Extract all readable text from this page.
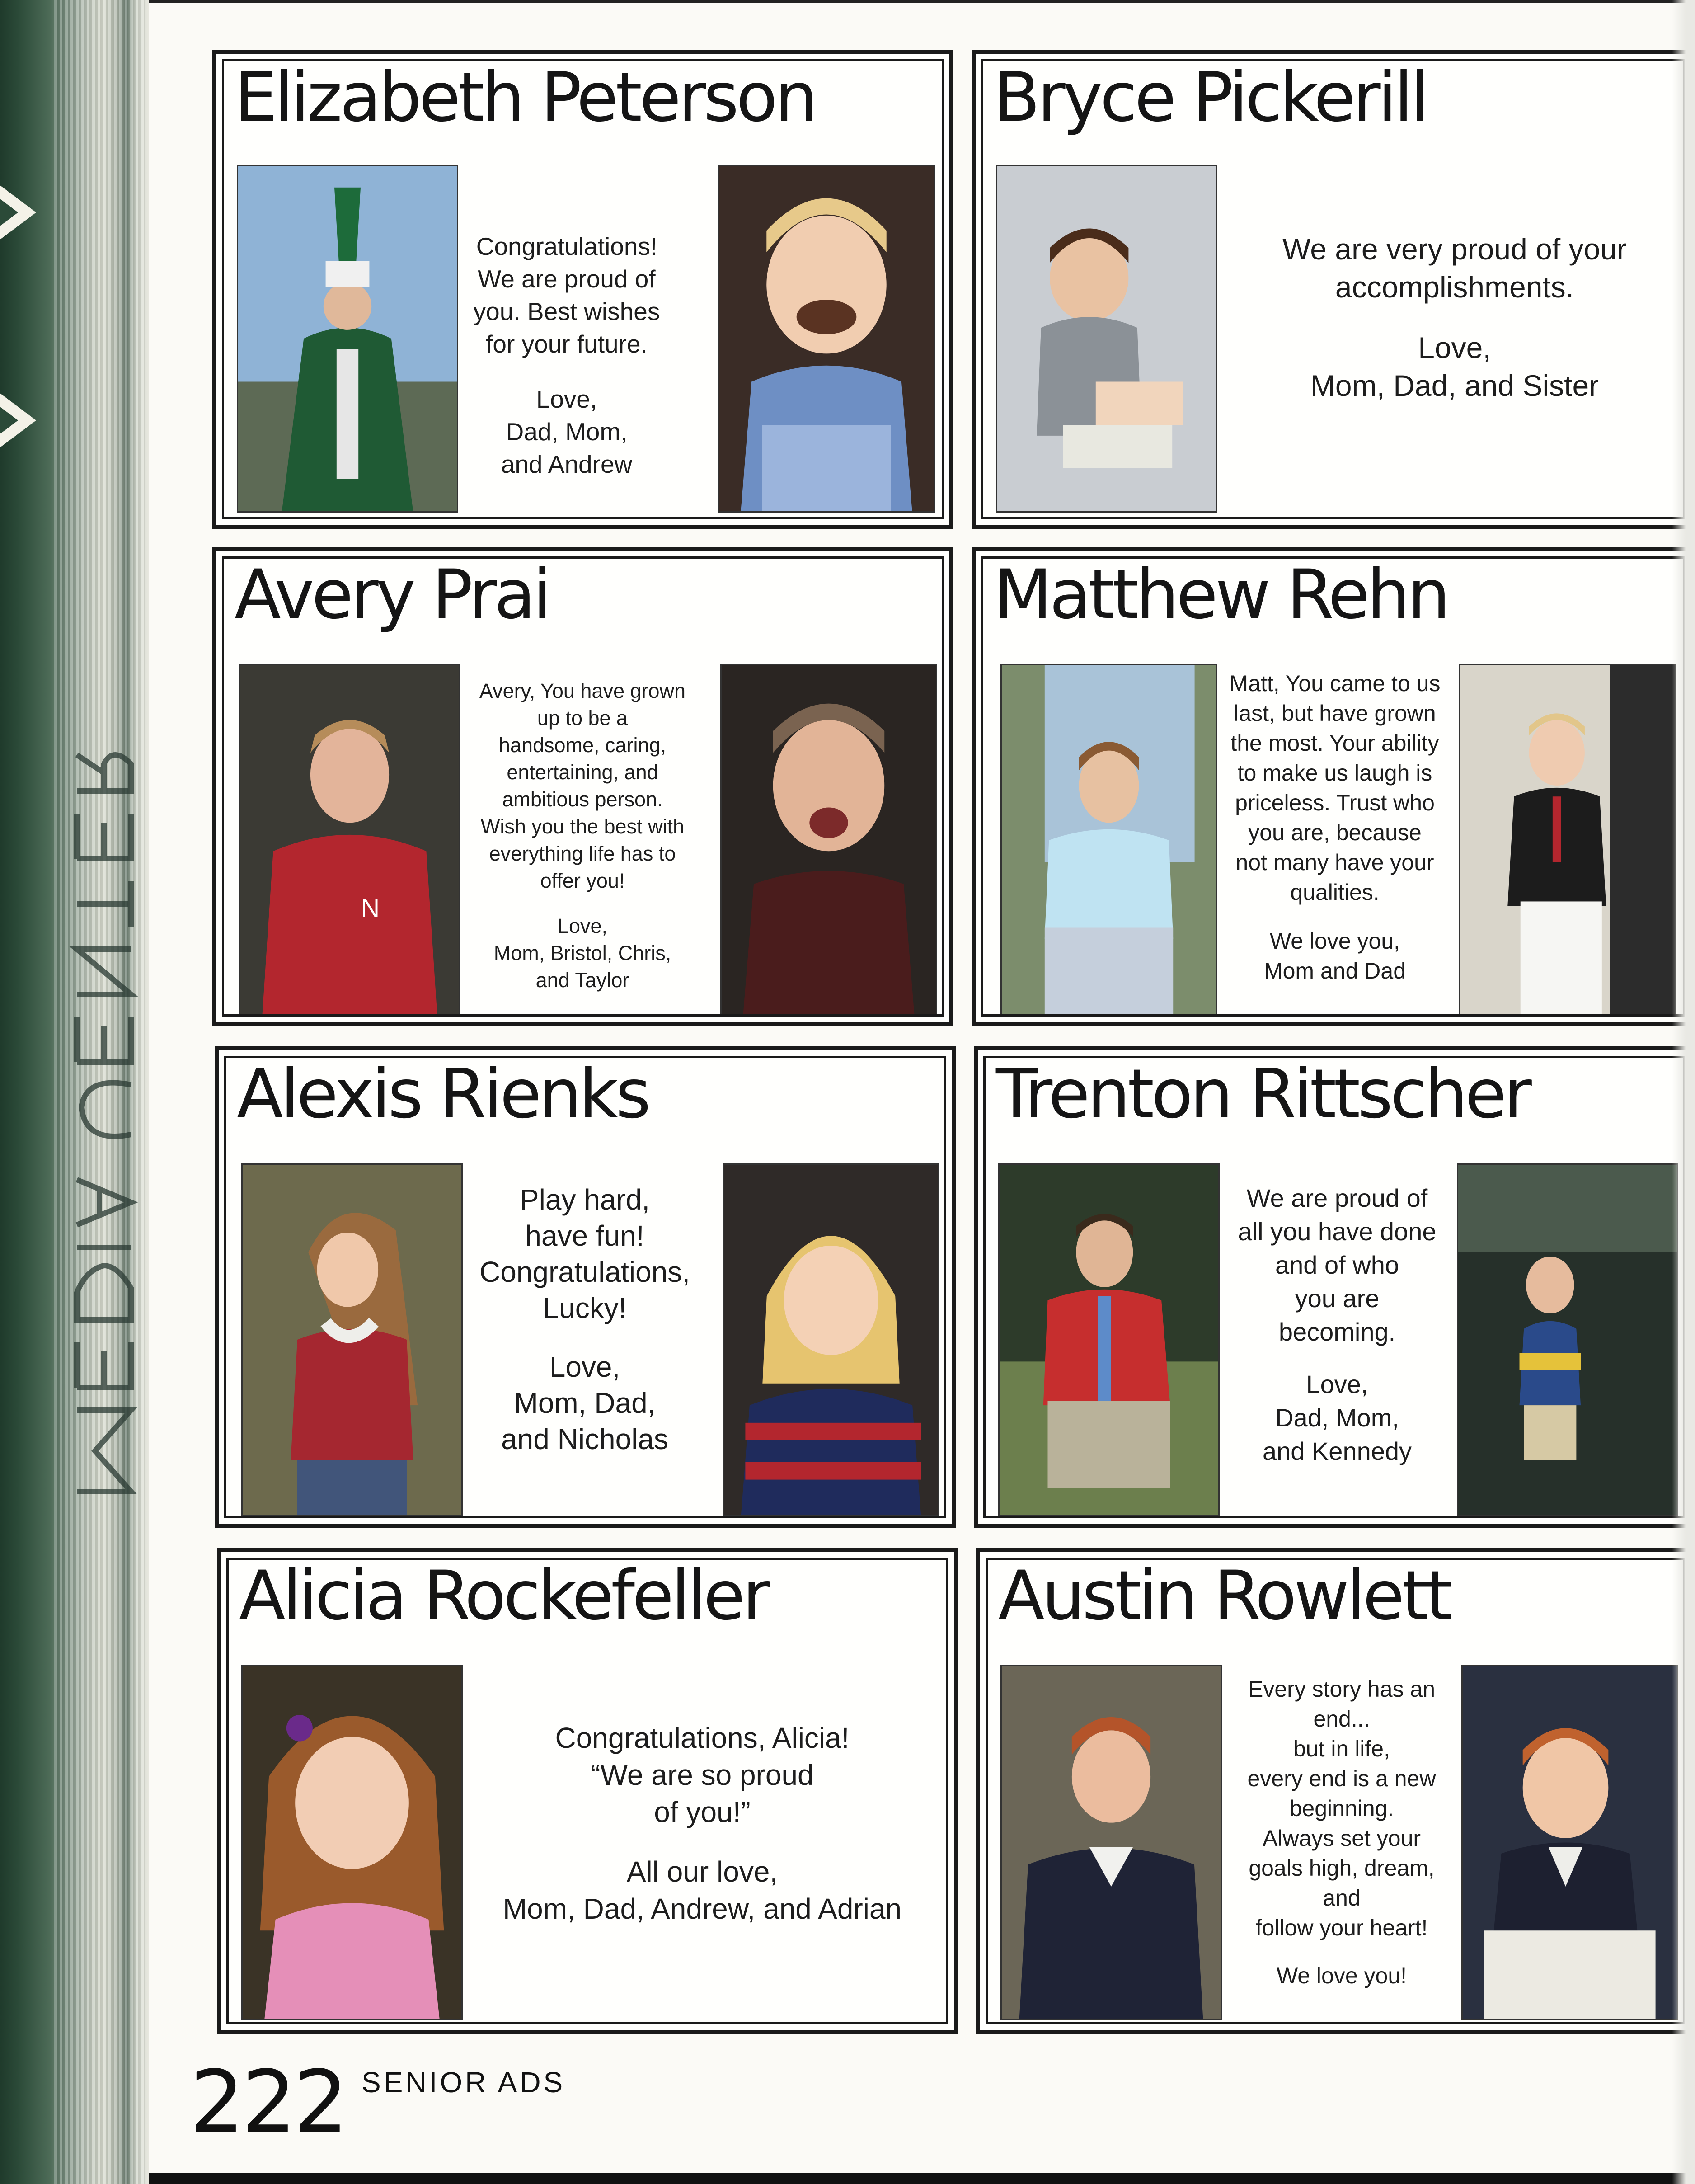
Elizabeth Peterson

Congratulations!
We are proud of
you. Best wishes
for your future.

Love,
Dad, Mom,
and Andrew

Bryce Pickerill

We are very proud of your
accomplishments.

Love,
Mom, Dad, and Sister

Avery Prai
N

Avery, You have grown
up to be a
handsome, caring,
entertaining, and
ambitious person.
Wish you the best with
everything life has to
offer you!

Love,
Mom, Bristol, Chris,
and Taylor

Matthew Rehn

Matt, You came to us
last, but have grown
the most. Your ability
to make us laugh is
priceless. Trust who
you are, because
not many have your
qualities.

We love you,
Mom and Dad

Alexis Rienks

Play hard,
have fun!
Congratulations,
Lucky!

Love,
Mom, Dad,
and Nicholas

Trenton Rittscher

We are proud of
all you have done
and of who
you are
becoming.

Love,
Dad, Mom,
and Kennedy

Alicia Rockefeller

Congratulations, Alicia!
“We are so proud
of you!”

All our love,
Mom, Dad, Andrew, and Adrian

Austin Rowlett

Every story has an
end...
but in life,
every end is a new
beginning.
Always set your
goals high, dream,
and
follow your heart!

We love you!

222 SENIOR ADS
